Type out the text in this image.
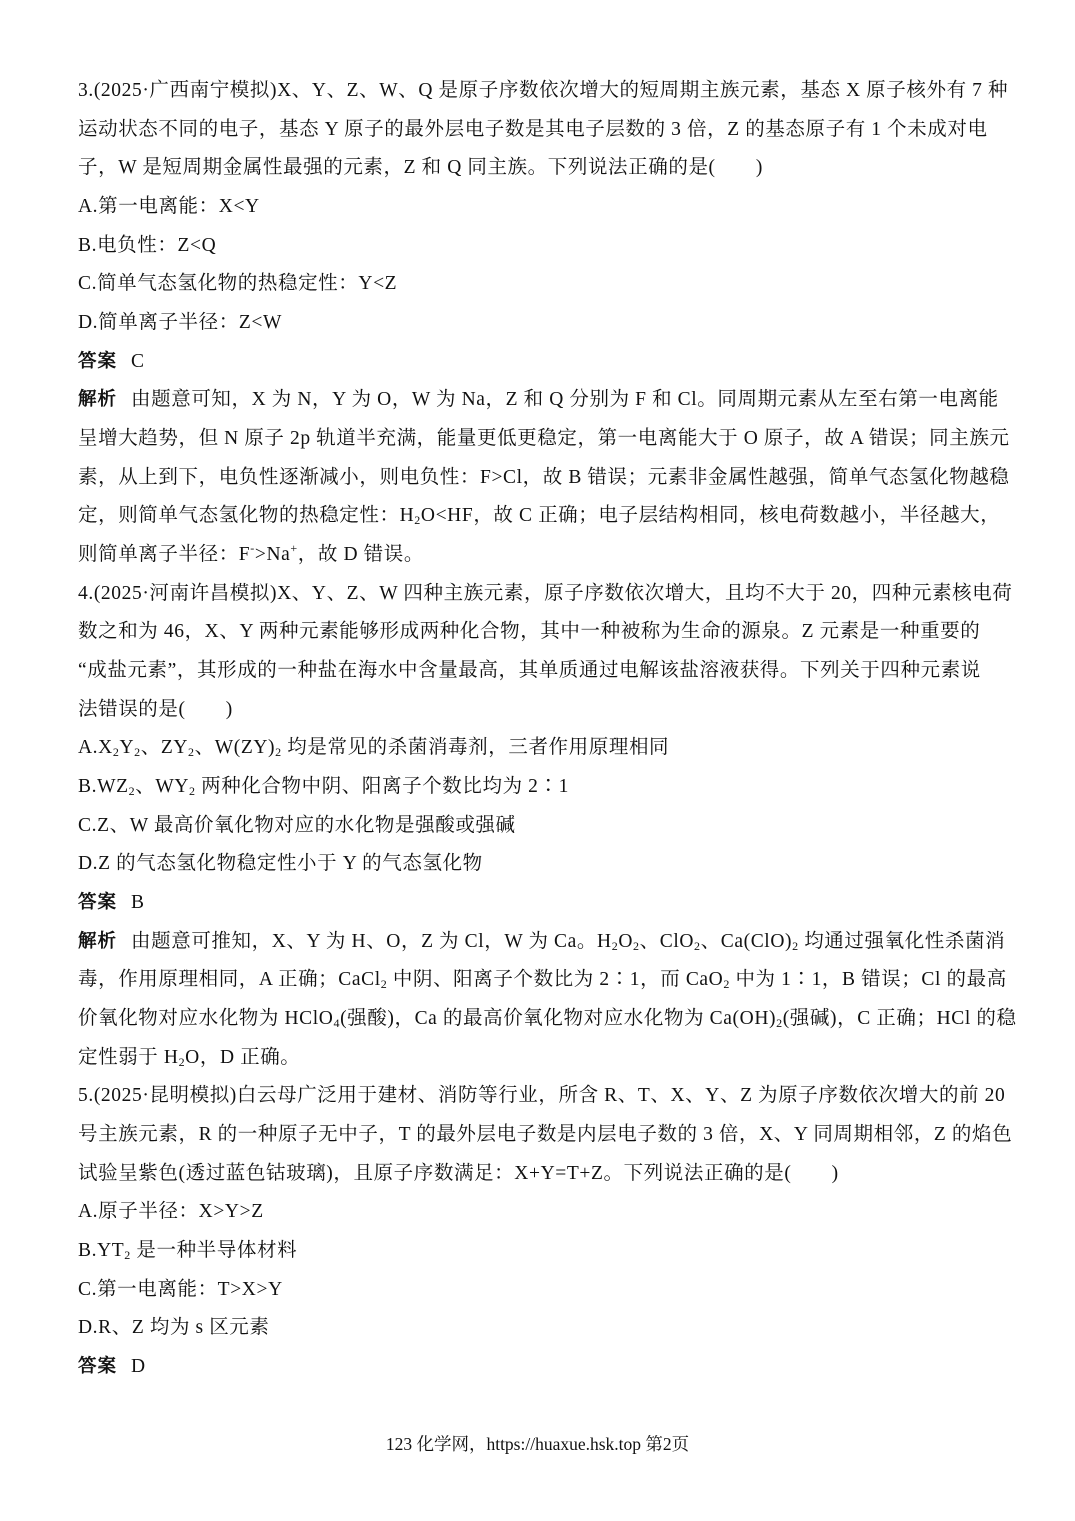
3.(2025·广西南宁模拟)X、Y、Z、W、Q 是原子序数依次增大的短周期主族元素，基态 X 原子核外有 7 种
运动状态不同的电子，基态 Y 原子的最外层电子数是其电子层数的 3 倍，Z 的基态原子有 1 个未成对电
子，W 是短周期金属性最强的元素，Z 和 Q 同主族。下列说法正确的是(　　)
A.第一电离能：X<Y
B.电负性：Z<Q
C.简单气态氢化物的热稳定性：Y<Z
D.简单离子半径：Z<W
答案 C
解析 由题意可知，X 为 N，Y 为 O，W 为 Na，Z 和 Q 分别为 F 和 Cl。同周期元素从左至右第一电离能
呈增大趋势，但 N 原子 2p 轨道半充满，能量更低更稳定，第一电离能大于 O 原子，故 A 错误；同主族元
素，从上到下，电负性逐渐减小，则电负性：F>Cl，故 B 错误；元素非金属性越强，简单气态氢化物越稳
定，则简单气态氢化物的热稳定性：$H_2O<HF$，故 C 正确；电子层结构相同，核电荷数越小，半径越大，
则简单离子半径：F->Na+，故 D 错误。
4.(2025·河南许昌模拟)X、Y、Z、W 四种主族元素，原子序数依次增大，且均不大于 20，四种元素核电荷
数之和为 46，X、Y 两种元素能够形成两种化合物，其中一种被称为生命的源泉。Z 元素是一种重要的
“成盐元素”，其形成的一种盐在海水中含量最高，其单质通过电解该盐溶液获得。下列关于四种元素说
法错误的是(　　)
$A.X_2Y_2$、$ZY_2$、$W(ZY)_2$ 均是常见的杀菌消毒剂，三者作用原理相同
$B.WZ_2$、$WY_2$ 两种化合物中阴、阳离子个数比均为 2∶1
C.Z、W 最高价氧化物对应的水化物是强酸或强碱
D.Z 的气态氢化物稳定性小于 Y 的气态氢化物
答案 B
解析 由题意可推知，X、Y 为 H、O，Z 为 Cl，W 为 Ca。$H_2O_2$、ClO$_2$、$Ca(ClO)_2$ 均通过强氧化性杀菌消
毒，作用原理相同，A 正确；CaCl$_2$ 中阴、阳离子个数比为 2∶1，而 CaO$_2$ 中为 1∶1，B 错误；Cl 的最高
价氧化物对应水化物为 HClO$_4$(强酸)，Ca 的最高价氧化物对应水化物为 $Ca(OH)_2$(强碱)，C 正确；HCl 的稳
定性弱于 $H_2O$，D 正确。
5.(2025·昆明模拟)白云母广泛用于建材、消防等行业，所含 R、T、X、Y、Z 为原子序数依次增大的前 20
号主族元素，R 的一种原子无中子，T 的最外层电子数是内层电子数的 3 倍，X、Y 同周期相邻，Z 的焰色
试验呈紫色(透过蓝色钴玻璃)，且原子序数满足：X+Y=T+Z。下列说法正确的是(　　)
A.原子半径：X>Y>Z
$B.YT_2$ 是一种半导体材料
C.第一电离能：T>X>Y
D.R、Z 均为 s 区元素
答案 D
123 化学网，https://huaxue.hsk.top 第2页
